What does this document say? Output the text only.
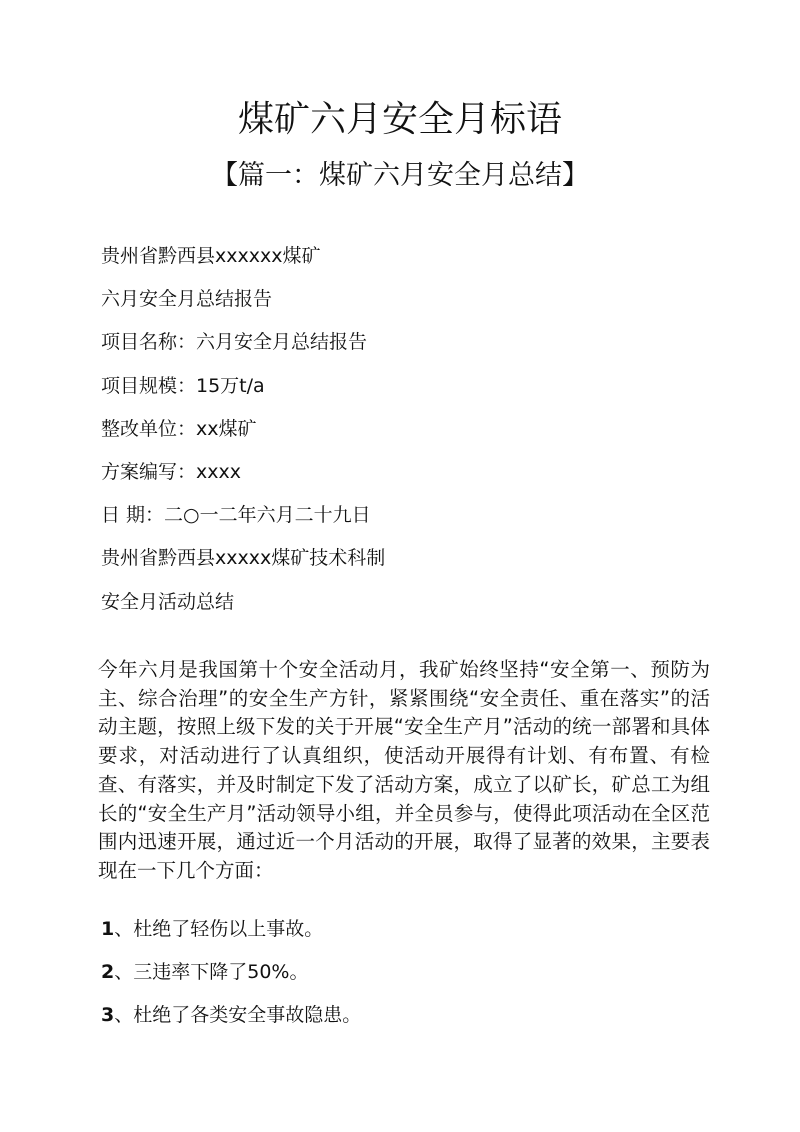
煤矿六月安全月标语
【篇一：煤矿六月安全月总结】
贵州省黔西县xxxxxx煤矿
六月安全月总结报告
项目名称：六月安全月总结报告
项目规模：15万t/a
整改单位：xx煤矿
方案编写：xxxx
日 期：二○一二年六月二十九日
贵州省黔西县xxxxx煤矿技术科制
安全月活动总结

今年六月是我国第十个安全活动月，我矿始终坚持“安全第一、预防为主、综合治理”的安全生产方针，紧紧围绕“安全责任、重在落实”的活动主题，按照上级下发的关于开展“安全生产月”活动的统一部署和具体要求，对活动进行了认真组织，使活动开展得有计划、有布置、有检查、有落实，并及时制定下发了活动方案，成立了以矿长，矿总工为组长的“安全生产月”活动领导小组，并全员参与，使得此项活动在全区范围内迅速开展，通过近一个月活动的开展，取得了显著的效果，主要表现在一下几个方面：

1、杜绝了轻伤以上事故。
2、三违率下降了50%。
3、杜绝了各类安全事故隐患。
